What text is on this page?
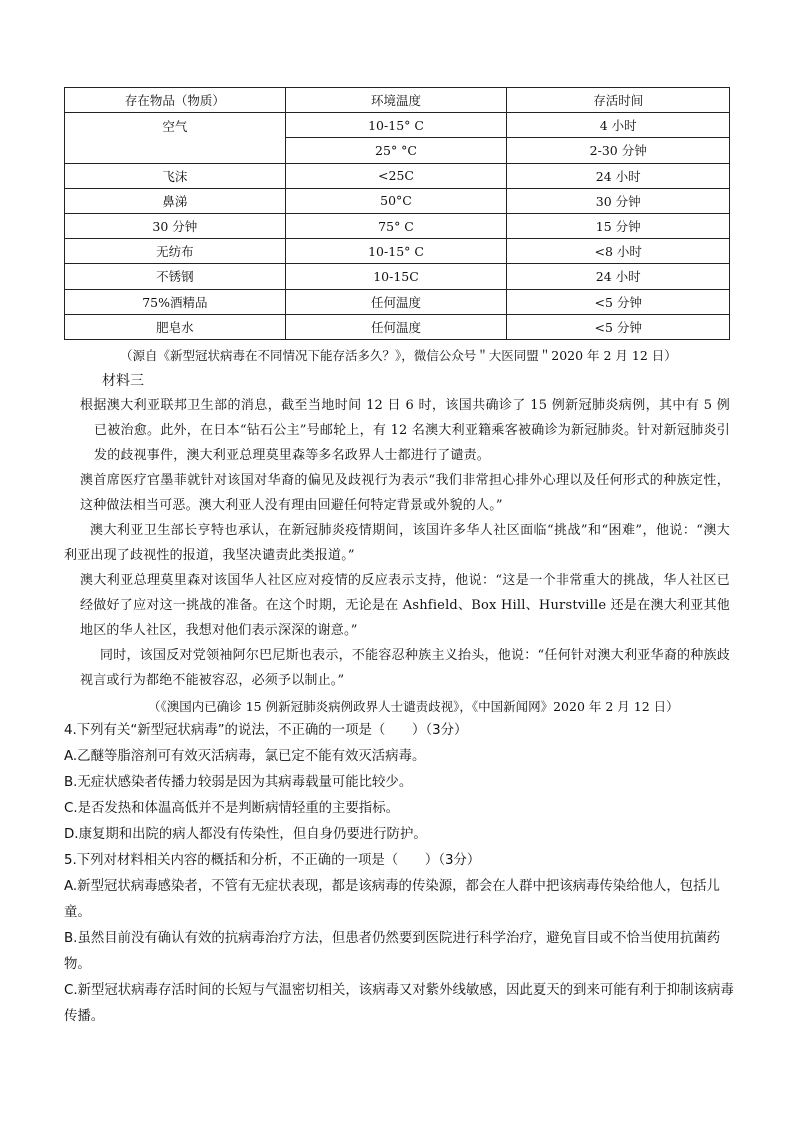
存在物品（物质）	环境温度	存活时间
空气	10-15° C	4 小时
	25° °C	2-30 分钟
飞沫	<25C	24 小时
鼻涕	50°C	30 分钟
30 分钟	75° C	15 分钟
无纺布	10-15° C	<8 小时
不锈钢	10-15C	24 小时
75%酒精品	任何温度	<5 分钟
肥皂水	任何温度	<5 分钟
（源自《新型冠状病毒在不同情况下能存活多久？》，微信公众号＂大医同盟＂2020 年 2 月 12 日）
材料三
根据澳大利亚联邦卫生部的消息，截至当地时间 12 日 6 时，该国共确诊了 15 例新冠肺炎病例，其中有 5 例已被治愈。此外，在日本“钻石公主”号邮轮上，有 12 名澳大利亚籍乘客被确诊为新冠肺炎。针对新冠肺炎引发的歧视事件，澳大利亚总理莫里森等多名政界人士都进行了谴责。
澳首席医疗官墨菲就针对该国对华裔的偏见及歧视行为表示“我们非常担心排外心理以及任何形式的种族定性，这种做法相当可恶。澳大利亚人没有理由回避任何特定背景或外貌的人。”
澳大利亚卫生部长亨特也承认，在新冠肺炎疫情期间，该国许多华人社区面临“挑战”和“困难”，他说：“澳大利亚出现了歧视性的报道，我坚决谴责此类报道。”
澳大利亚总理莫里森对该国华人社区应对疫情的反应表示支持，他说：“这是一个非常重大的挑战，华人社区已经做好了应对这一挑战的准备。在这个时期，无论是在 Ashfield、Box Hill、Hurstville 还是在澳大利亚其他地区的华人社区，我想对他们表示深深的谢意。”
同时，该国反对党领袖阿尔巴尼斯也表示，不能容忍种族主义抬头，他说：“任何针对澳大利亚华裔的种族歧视言或行为都绝不能被容忍，必须予以制止。”
（《澳国内已确诊 15 例新冠肺炎病例政界人士谴责歧视》，《中国新闻网》2020 年 2 月 12 日）
4.下列有关“新型冠状病毒”的说法，不正确的一项是（　　）（3分）
A.乙醚等脂溶剂可有效灭活病毒，氯已定不能有效灭活病毒。
B.无症状感染者传播力较弱是因为其病毒载量可能比较少。
C.是否发热和体温高低并不是判断病情轻重的主要指标。
D.康复期和出院的病人都没有传染性，但自身仍要进行防护。
5.下列对材料相关内容的概括和分析，不正确的一项是（　　）（3分）
A.新型冠状病毒感染者，不管有无症状表现，都是该病毒的传染源，都会在人群中把该病毒传染给他人，包括儿童。
B.虽然目前没有确认有效的抗病毒治疗方法，但患者仍然要到医院进行科学治疗，避免盲目或不恰当使用抗菌药物。
C.新型冠状病毒存活时间的长短与气温密切相关，该病毒又对紫外线敏感，因此夏天的到来可能有利于抑制该病毒传播。
